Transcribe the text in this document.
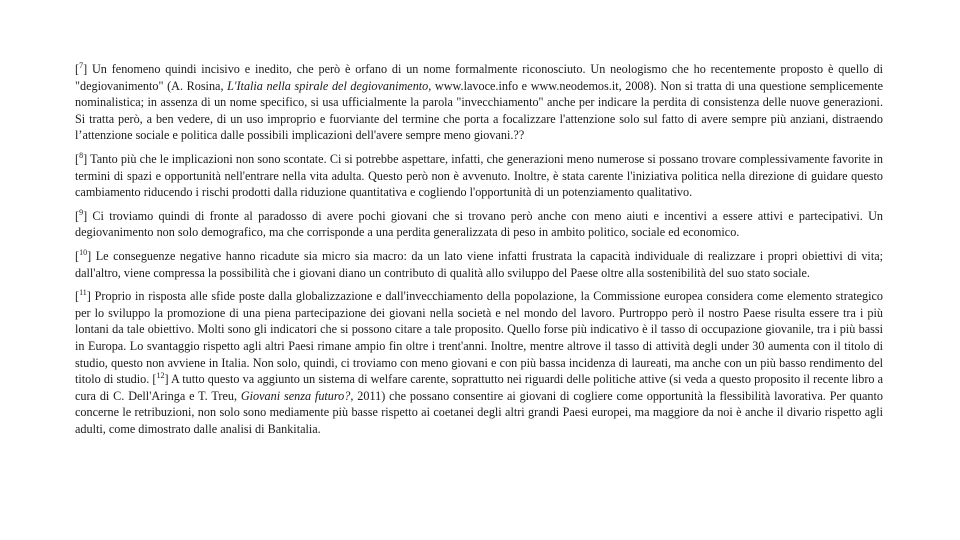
[$^7$] Un fenomeno quindi incisivo e inedito, che però è orfano di un nome formalmente riconosciuto. Un neologismo che ho recentemente proposto è quello di "degiovanimento" (A. Rosina, L'Italia nella spirale del degiovanimento, www.lavoce.info e www.neodemos.it, 2008). Non si tratta di una questione semplicemente nominalistica; in assenza di un nome specifico, si usa ufficialmente la parola "invecchiamento" anche per indicare la perdita di consistenza delle nuove generazioni. Si tratta però, a ben vedere, di un uso improprio e fuorviante del termine che porta a focalizzare l'attenzione solo sul fatto di avere sempre più anziani, distraendo l’attenzione sociale e politica dalle possibili implicazioni dell'avere sempre meno giovani.??

[$^8$] Tanto più che le implicazioni non sono scontate. Ci si potrebbe aspettare, infatti, che generazioni meno numerose si possano trovare complessivamente favorite in termini di spazi e opportunità nell'entrare nella vita adulta. Questo però non è avvenuto. Inoltre, è stata carente l'iniziativa politica nella direzione di guidare questo cambiamento riducendo i rischi prodotti dalla riduzione quantitativa e cogliendo l'opportunità di un potenziamento qualitativo.

[$^9$] Ci troviamo quindi di fronte al paradosso di avere pochi giovani che si trovano però anche con meno aiuti e incentivi a essere attivi e partecipativi. Un degiovanimento non solo demografico, ma che corrisponde a una perdita generalizzata di peso in ambito politico, sociale ed economico.

[$^{10}$] Le conseguenze negative hanno ricadute sia micro sia macro: da un lato viene infatti frustrata la capacità individuale di realizzare i propri obiettivi di vita; dall'altro, viene compressa la possibilità che i giovani diano un contributo di qualità allo sviluppo del Paese oltre alla sostenibilità del suo stato sociale.

[$^{11}$] Proprio in risposta alle sfide poste dalla globalizzazione e dall'invecchiamento della popolazione, la Commissione europea considera come elemento strategico per lo sviluppo la promozione di una piena partecipazione dei giovani nella società e nel mondo del lavoro. Purtroppo però il nostro Paese risulta essere tra i più lontani da tale obiettivo. Molti sono gli indicatori che si possono citare a tale proposito. Quello forse più indicativo è il tasso di occupazione giovanile, tra i più bassi in Europa. Lo svantaggio rispetto agli altri Paesi rimane ampio fin oltre i trent'anni. Inoltre, mentre altrove il tasso di attività degli under 30 aumenta con il titolo di studio, questo non avviene in Italia. Non solo, quindi, ci troviamo con meno giovani e con più bassa incidenza di laureati, ma anche con un più basso rendimento del titolo di studio. [$^{12}$] A tutto questo va aggiunto un sistema di welfare carente, soprattutto nei riguardi delle politiche attive (si veda a questo proposito il recente libro a cura di C. Dell'Aringa e T. Treu, Giovani senza futuro?, 2011) che possano consentire ai giovani di cogliere come opportunità la flessibilità lavorativa. Per quanto concerne le retribuzioni, non solo sono mediamente più basse rispetto ai coetanei degli altri grandi Paesi europei, ma maggiore da noi è anche il divario rispetto agli adulti, come dimostrato dalle analisi di Bankitalia.
